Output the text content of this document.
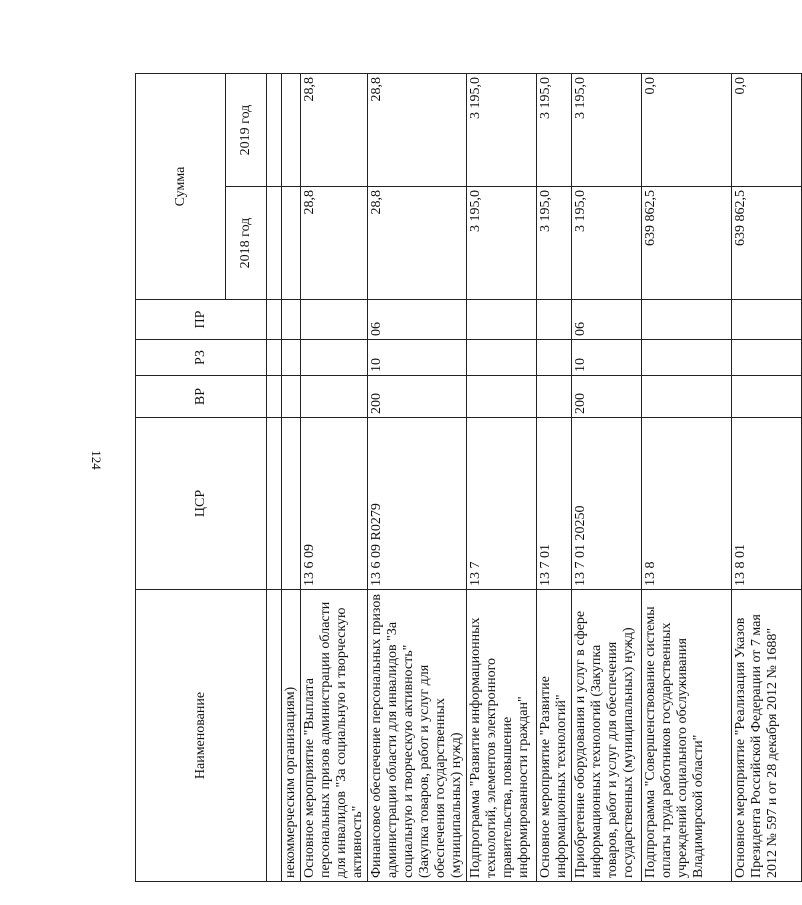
124
Наименование	ЦСР	ВР	РЗ	ПР	Сумма	
					2018 год	2019 год

некоммерческим организациям)						
Основное мероприятие "Выплата персональных призов администрации области для инвалидов "За социальную и творческую активность"	13 6 09				28,8	28,8
Финансовое обеспечение персональных призов администрации области для инвалидов "За социальную и творческую активность" (Закупка товаров, работ и услуг для обеспечения государственных (муниципальных) нужд)	13 6 09 R0279	200	10	06	28,8	28,8
Подпрограмма "Развитие информационных технологий, элементов электронного правительства, повышение информированности граждан"	13 7				3 195,0	3 195,0
Основное мероприятие "Развитие информационных технологий"	13 7 01				3 195,0	3 195,0
Приобретение оборудования и услуг в сфере информационных технологий (Закупка товаров, работ и услуг для обеспечения государственных (муниципальных) нужд)	13 7 01 20250	200	10	06	3 195,0	3 195,0
Подпрограмма "Совершенствование системы оплаты труда работников государственных учреждений социального обслуживания Владимирской области"	13 8				639 862,5	0,0
Основное мероприятие "Реализация Указов Президента Российской Федерации от 7 мая 2012 № 597 и от 28 декабря 2012 № 1688"	13 8 01				639 862,5	0,0
